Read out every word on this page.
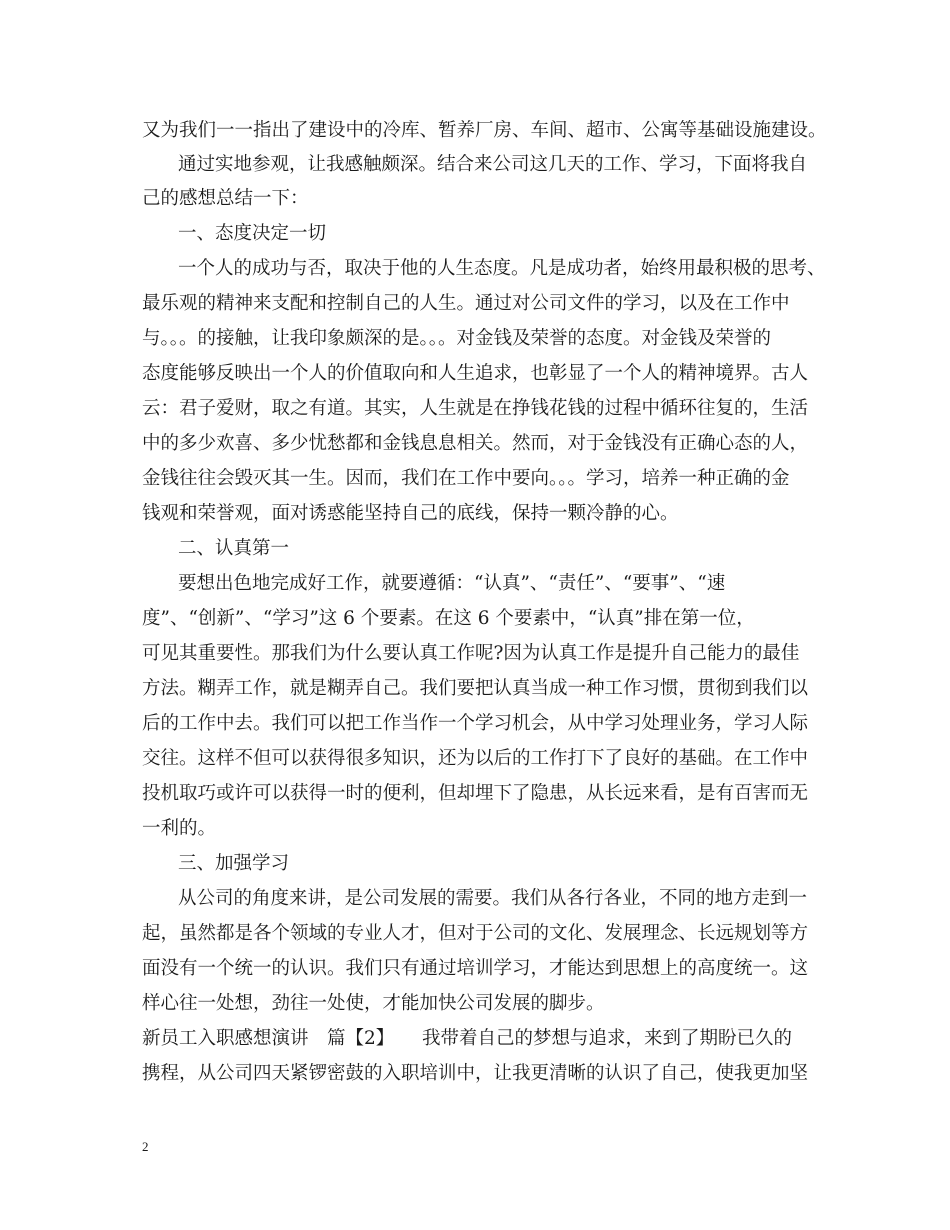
又为我们一一指出了建设中的冷库、暂养厂房、车间、超市、公寓等基础设施建设。
通过实地参观，让我感触颇深。结合来公司这几天的工作、学习，下面将我自
己的感想总结一下：
一、态度决定一切
一个人的成功与否，取决于他的人生态度。凡是成功者，始终用最积极的思考、
最乐观的精神来支配和控制自己的人生。通过对公司文件的学习，以及在工作中
与。。。的接触，让我印象颇深的是。。。对金钱及荣誉的态度。对金钱及荣誉的
态度能够反映出一个人的价值取向和人生追求，也彰显了一个人的精神境界。古人
云：君子爱财，取之有道。其实，人生就是在挣钱花钱的过程中循环往复的，生活
中的多少欢喜、多少忧愁都和金钱息息相关。然而，对于金钱没有正确心态的人，
金钱往往会毁灭其一生。因而，我们在工作中要向。。。学习，培养一种正确的金
钱观和荣誉观，面对诱惑能坚持自己的底线，保持一颗冷静的心。
二、认真第一
要想出色地完成好工作，就要遵循：“认真”、“责任”、“要事”、“速
度”、“创新”、“学习”这 6 个要素。在这 6 个要素中，“认真”排在第一位，
可见其重要性。那我们为什么要认真工作呢?因为认真工作是提升自己能力的最佳
方法。糊弄工作，就是糊弄自己。我们要把认真当成一种工作习惯，贯彻到我们以
后的工作中去。我们可以把工作当作一个学习机会，从中学习处理业务，学习人际
交往。这样不但可以获得很多知识，还为以后的工作打下了良好的基础。在工作中
投机取巧或许可以获得一时的便利，但却埋下了隐患，从长远来看，是有百害而无
一利的。
三、加强学习
从公司的角度来讲，是公司发展的需要。我们从各行各业，不同的地方走到一
起，虽然都是各个领域的专业人才，但对于公司的文化、发展理念、长远规划等方
面没有一个统一的认识。我们只有通过培训学习，才能达到思想上的高度统一。这
样心往一处想，劲往一处使，才能加快公司发展的脚步。
新员工入职感想演讲　篇【2】　　我带着自己的梦想与追求，来到了期盼已久的
携程，从公司四天紧锣密鼓的入职培训中，让我更清晰的认识了自己，使我更加坚
2
